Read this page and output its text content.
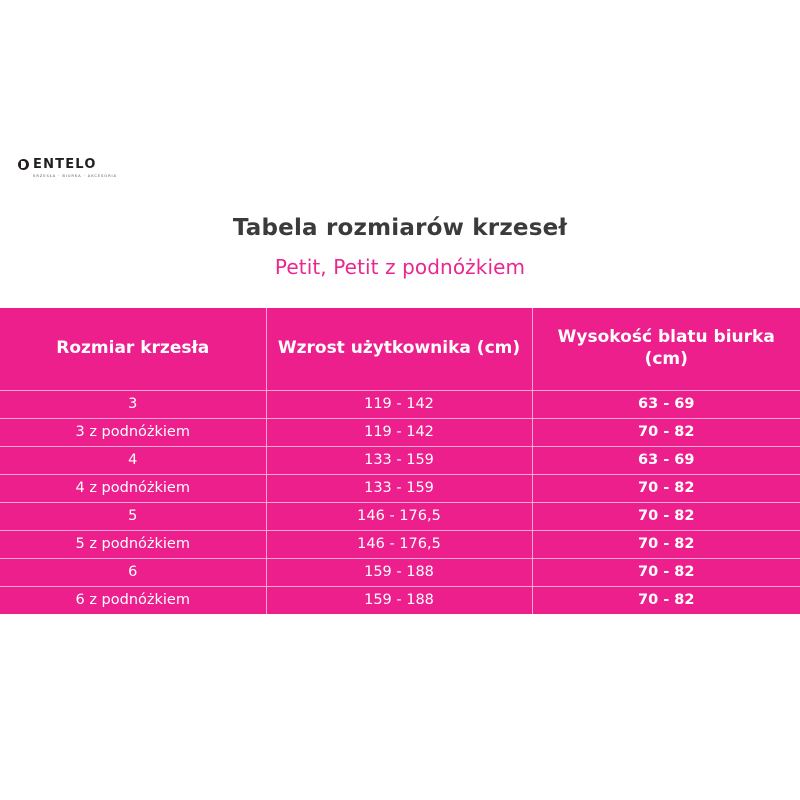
ENTELO
KRZESŁA · BIURKA · AKCESORIA
Tabela rozmiarów krzeseł
Petit, Petit z podnóżkiem
Rozmiar krzesła	Wzrost użytkownika (cm)	Wysokość blatu biurka (cm)
3	119 - 142	63 - 69
3 z podnóżkiem	119 - 142	70 - 82
4	133 - 159	63 - 69
4 z podnóżkiem	133 - 159	70 - 82
5	146 - 176,5	70 - 82
5 z podnóżkiem	146 - 176,5	70 - 82
6	159 - 188	70 - 82
6 z podnóżkiem	159 - 188	70 - 82
